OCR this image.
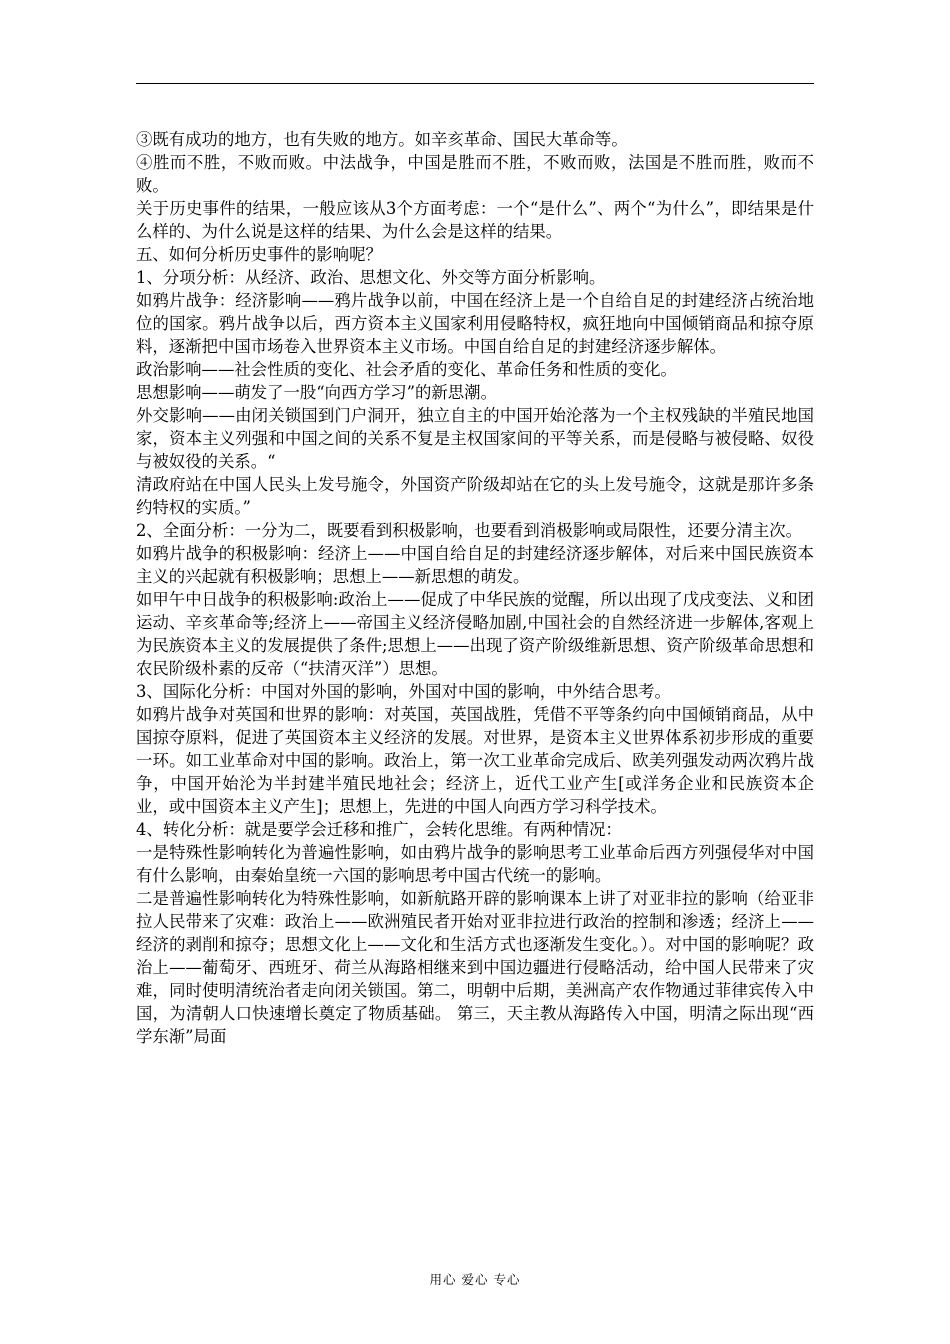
③既有成功的地方，也有失败的地方。如辛亥革命、国民大革命等。

④胜而不胜，不败而败。中法战争，中国是胜而不胜，不败而败，法国是不胜而胜，败而不败。

关于历史事件的结果，一般应该从3个方面考虑：一个“是什么”、两个“为什么”，即结果是什么样的、为什么说是这样的结果、为什么会是这样的结果。

五、如何分析历史事件的影响呢？

1、分项分析：从经济、政治、思想文化、外交等方面分析影响。

如鸦片战争：经济影响——鸦片战争以前，中国在经济上是一个自给自足的封建经济占统治地位的国家。鸦片战争以后，西方资本主义国家利用侵略特权，疯狂地向中国倾销商品和掠夺原料，逐渐把中国市场卷入世界资本主义市场。中国自给自足的封建经济逐步解体。

政治影响——社会性质的变化、社会矛盾的变化、革命任务和性质的变化。

思想影响——萌发了一股“向西方学习”的新思潮。

外交影响——由闭关锁国到门户洞开，独立自主的中国开始沦落为一个主权残缺的半殖民地国家，资本主义列强和中国之间的关系不复是主权国家间的平等关系，而是侵略与被侵略、奴役与被奴役的关系。“

清政府站在中国人民头上发号施令，外国资产阶级却站在它的头上发号施令，这就是那许多条约特权的实质。”

2、全面分析：一分为二，既要看到积极影响，也要看到消极影响或局限性，还要分清主次。

如鸦片战争的积极影响：经济上——中国自给自足的封建经济逐步解体，对后来中国民族资本主义的兴起就有积极影响；思想上——新思想的萌发。

如甲午中日战争的积极影响:政治上——促成了中华民族的觉醒，所以出现了戊戌变法、义和团运动、辛亥革命等;经济上——帝国主义经济侵略加剧,中国社会的自然经济进一步解体,客观上为民族资本主义的发展提供了条件;思想上——出现了资产阶级维新思想、资产阶级革命思想和农民阶级朴素的反帝（“扶清灭洋”）思想。

3、国际化分析：中国对外国的影响，外国对中国的影响，中外结合思考。

如鸦片战争对英国和世界的影响：对英国，英国战胜，凭借不平等条约向中国倾销商品，从中国掠夺原料，促进了英国资本主义经济的发展。对世界，是资本主义世界体系初步形成的重要一环。如工业革命对中国的影响。政治上，第一次工业革命完成后、欧美列强发动两次鸦片战争，中国开始沦为半封建半殖民地社会；经济上，近代工业产生[或洋务企业和民族资本企业，或中国资本主义产生]；思想上，先进的中国人向西方学习科学技术。

4、转化分析：就是要学会迁移和推广，会转化思维。有两种情况：

一是特殊性影响转化为普遍性影响，如由鸦片战争的影响思考工业革命后西方列强侵华对中国有什么影响，由秦始皇统一六国的影响思考中国古代统一的影响。

二是普遍性影响转化为特殊性影响，如新航路开辟的影响课本上讲了对亚非拉的影响（给亚非拉人民带来了灾难：政治上——欧洲殖民者开始对亚非拉进行政治的控制和渗透；经济上——经济的剥削和掠夺；思想文化上——文化和生活方式也逐渐发生变化。）。对中国的影响呢？政治上——葡萄牙、西班牙、荷兰从海路相继来到中国边疆进行侵略活动，给中国人民带来了灾难，同时使明清统治者走向闭关锁国。第二，明朝中后期，美洲高产农作物通过菲律宾传入中国，为清朝人口快速增长奠定了物质基础。 第三，天主教从海路传入中国，明清之际出现“西学东渐”局面

用心 爱心 专心
